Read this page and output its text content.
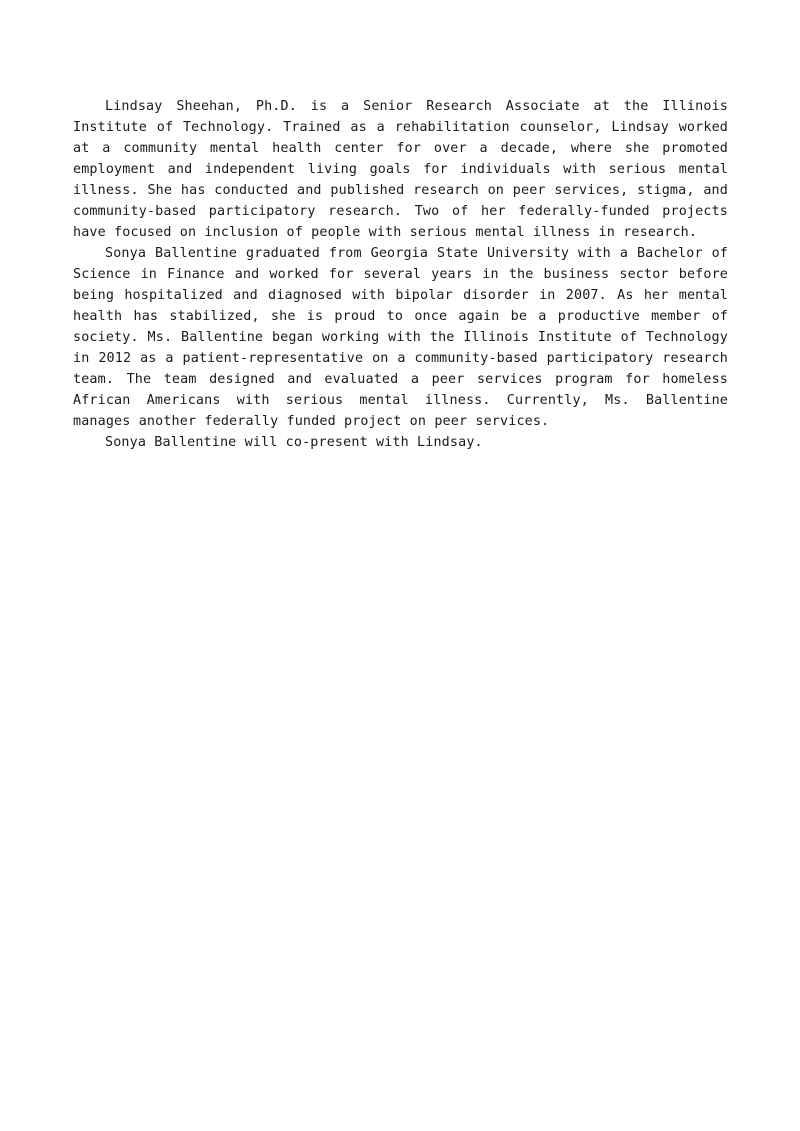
Lindsay Sheehan, Ph.D. is a Senior Research Associate at the Illinois Institute of Technology. Trained as a rehabilitation counselor, Lindsay worked at a community mental health center for over a decade, where she promoted employment and independent living goals for individuals with serious mental illness. She has conducted and published research on peer services, stigma, and community-based participatory research. Two of her federally-funded projects have focused on inclusion of people with serious mental illness in research.

Sonya Ballentine graduated from Georgia State University with a Bachelor of Science in Finance and worked for several years in the business sector before being hospitalized and diagnosed with bipolar disorder in 2007. As her mental health has stabilized, she is proud to once again be a productive member of society. Ms. Ballentine began working with the Illinois Institute of Technology in 2012 as a patient-representative on a community-based participatory research team. The team designed and evaluated a peer services program for homeless African Americans with serious mental illness. Currently, Ms. Ballentine manages another federally funded project on peer services.

Sonya Ballentine will co-present with Lindsay.
